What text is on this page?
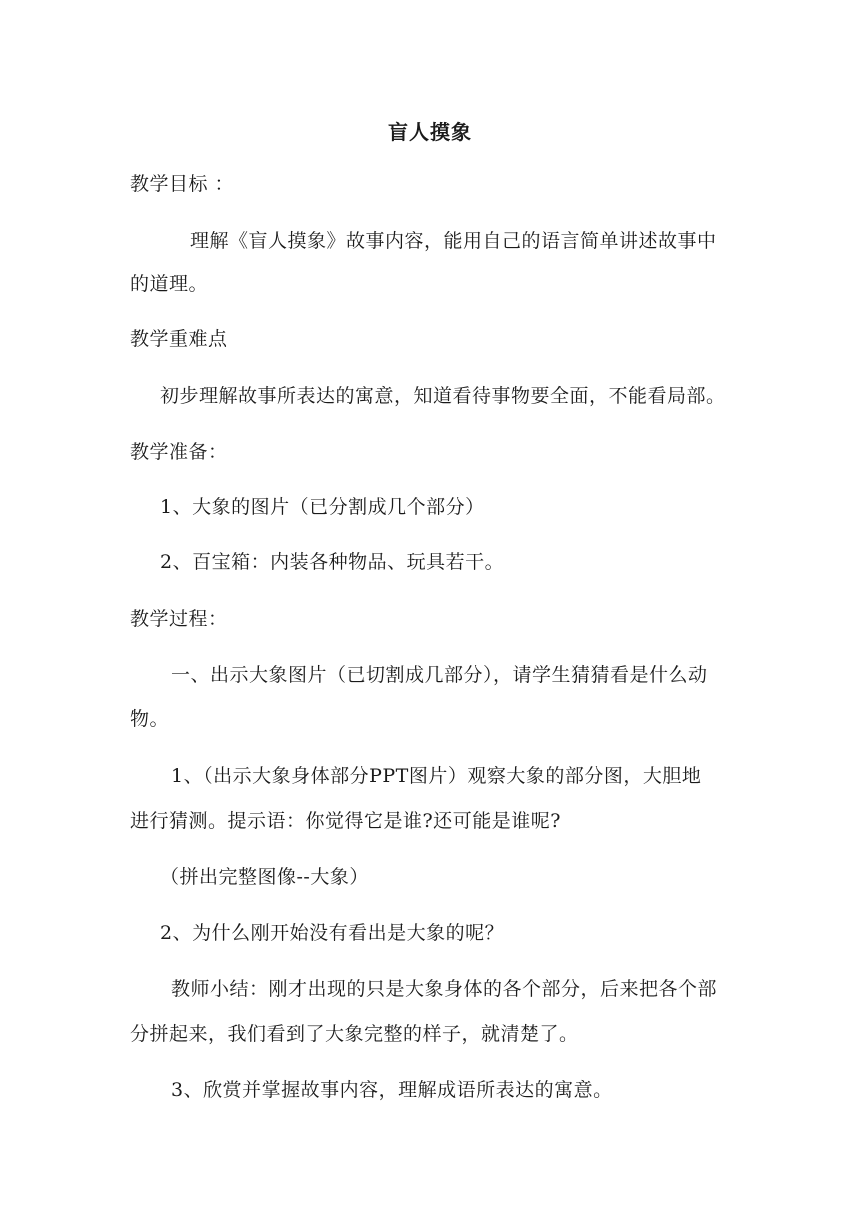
盲人摸象
教学目标 ：
理解《盲人摸象》故事内容，能用自己的语言简单讲述故事中
的道理。
教学重难点
初步理解故事所表达的寓意，知道看待事物要全面，不能看局部。
教学准备：
1、大象的图片（已分割成几个部分）
2、百宝箱：内装各种物品、玩具若干。
教学过程：
一、出示大象图片（已切割成几部分），请学生猜猜看是什么动
物。
1、（出示大象身体部分PPT图片）观察大象的部分图，大胆地
进行猜测。提示语：你觉得它是谁?还可能是谁呢?
（拼出完整图像--大象）
2、为什么刚开始没有看出是大象的呢？
教师小结：刚才出现的只是大象身体的各个部分，后来把各个部
分拼起来，我们看到了大象完整的样子，就清楚了。
3、欣赏并掌握故事内容，理解成语所表达的寓意。
